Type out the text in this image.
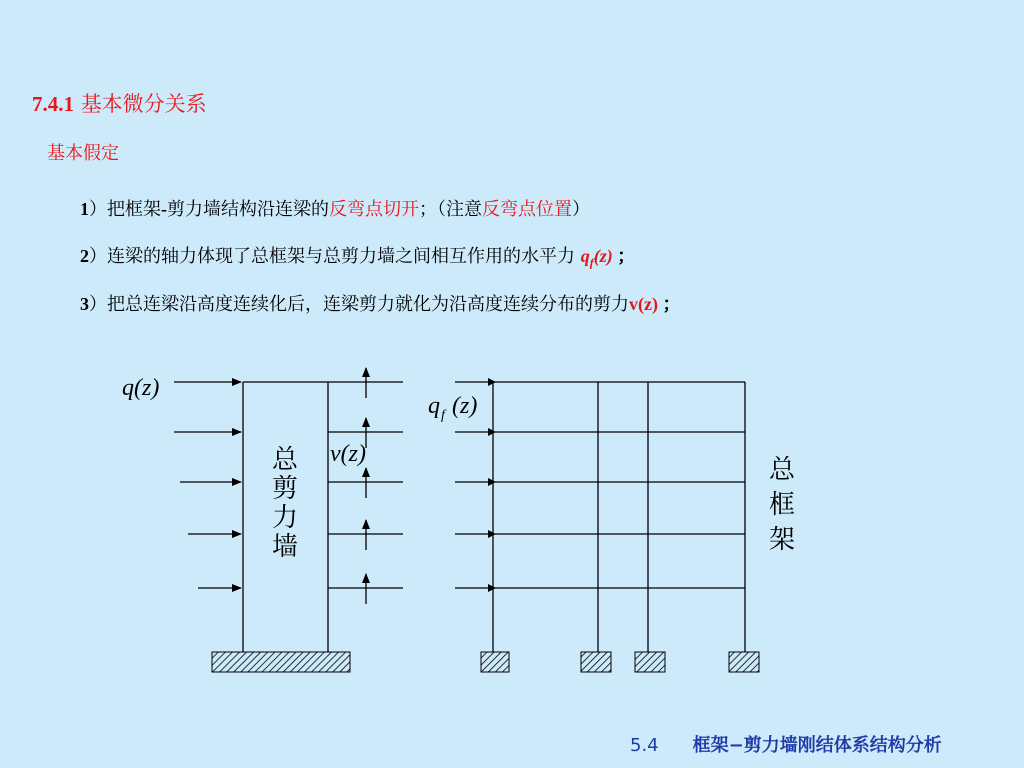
7.4.1 基本微分关系
基本假定
1）把框架-剪力墙结构沿连梁的反弯点切开；（注意反弯点位置）
2）连梁的轴力体现了总框架与总剪力墙之间相互作用的水平力 $q_f(z)$ ；
3）把总连梁沿高度连续化后，连梁剪力就化为沿高度连续分布的剪力v(z) ；
q(z)
v(z)
q f (z)
总
剪
力
墙
总
框
架
5.4 框架−剪力墙刚结体系结构分析
